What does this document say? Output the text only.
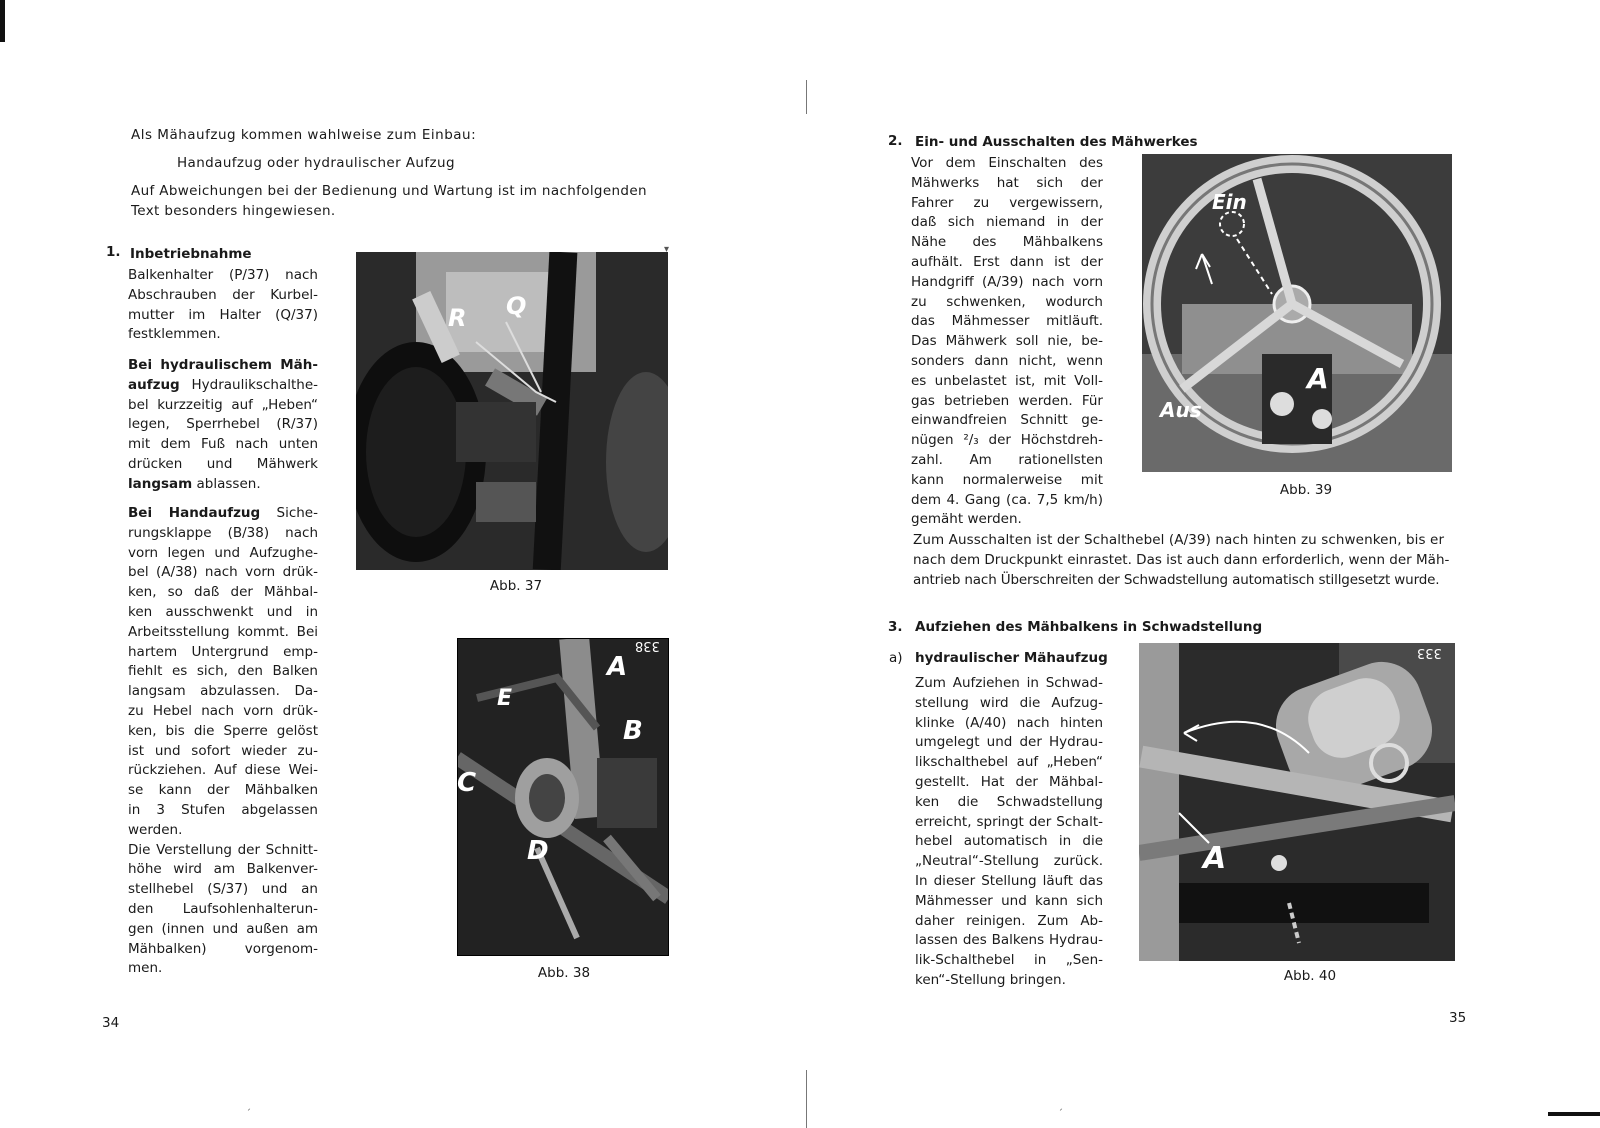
Als Mähaufzug kommen wahlweise zum Einbau:
Handaufzug oder hydraulischer Aufzug
Auf Abweichungen bei der Bedienung und Wartung ist im nachfolgenden
Text besonders hingewiesen.
1. Inbetriebnahme
Balkenhalter (P/37) nach
Abschrauben der Kurbel-
mutter im Halter (Q/37)
festklemmen.
Bei hydraulischem Mäh-
aufzug Hydraulikschalthe-
bel kurzzeitig auf „Heben“
legen, Sperrhebel (R/37)
mit dem Fuß nach unten
drücken und Mähwerk
langsam ablassen.
Bei Handaufzug Siche-
rungsklappe (B/38) nach
vorn legen und Aufzughe-
bel (A/38) nach vorn drük-
ken, so daß der Mähbal-
ken ausschwenkt und in
Arbeitsstellung kommt. Bei
hartem Untergrund emp-
fiehlt es sich, den Balken
langsam abzulassen. Da-
zu Hebel nach vorn drük-
ken, bis die Sperre gelöst
ist und sofort wieder zu-
rückziehen. Auf diese Wei-
se kann der Mähbalken
in 3 Stufen abgelassen
werden.
Die Verstellung der Schnitt-
höhe wird am Balkenver-
stellhebel (S/37) und an
den Laufsohlenhalterun-
gen (innen und außen am
Mähbalken) vorgenom-
men.
R Q
▾
Abb. 37
A
E
B
C
D
338
Abb. 38
34
ˏ
2. Ein- und Ausschalten des Mähwerkes
Vor dem Einschalten des
Mähwerks hat sich der
Fahrer zu vergewissern,
daß sich niemand in der
Nähe des Mähbalkens
aufhält. Erst dann ist der
Handgriff (A/39) nach vorn
zu schwenken, wodurch
das Mähmesser mitläuft.
Das Mähwerk soll nie, be-
sonders dann nicht, wenn
es unbelastet ist, mit Voll-
gas betrieben werden. Für
einwandfreien Schnitt ge-
nügen ²/₃ der Höchstdreh-
zahl. Am rationellsten
kann normalerweise mit
dem 4. Gang (ca. 7,5 km/h)
gemäht werden.
Zum Ausschalten ist der Schalthebel (A/39) nach hinten zu schwenken, bis er
nach dem Druckpunkt einrastet. Das ist auch dann erforderlich, wenn der Mäh-
antrieb nach Überschreiten der Schwadstellung automatisch stillgesetzt wurde.
Ein
A
Aus
Abb. 39
3. Aufziehen des Mähbalkens in Schwadstellung
a) hydraulischer Mähaufzug
Zum Aufziehen in Schwad-
stellung wird die Aufzug-
klinke (A/40) nach hinten
umgelegt und der Hydrau-
likschalthebel auf „Heben“
gestellt. Hat der Mähbal-
ken die Schwadstellung
erreicht, springt der Schalt-
hebel automatisch in die
„Neutral“-Stellung zurück.
In dieser Stellung läuft das
Mähmesser und kann sich
daher reinigen. Zum Ab-
lassen des Balkens Hydrau-
lik-Schalthebel in „Sen-
ken“-Stellung bringen.
A
333
Abb. 40
35
ˏ
